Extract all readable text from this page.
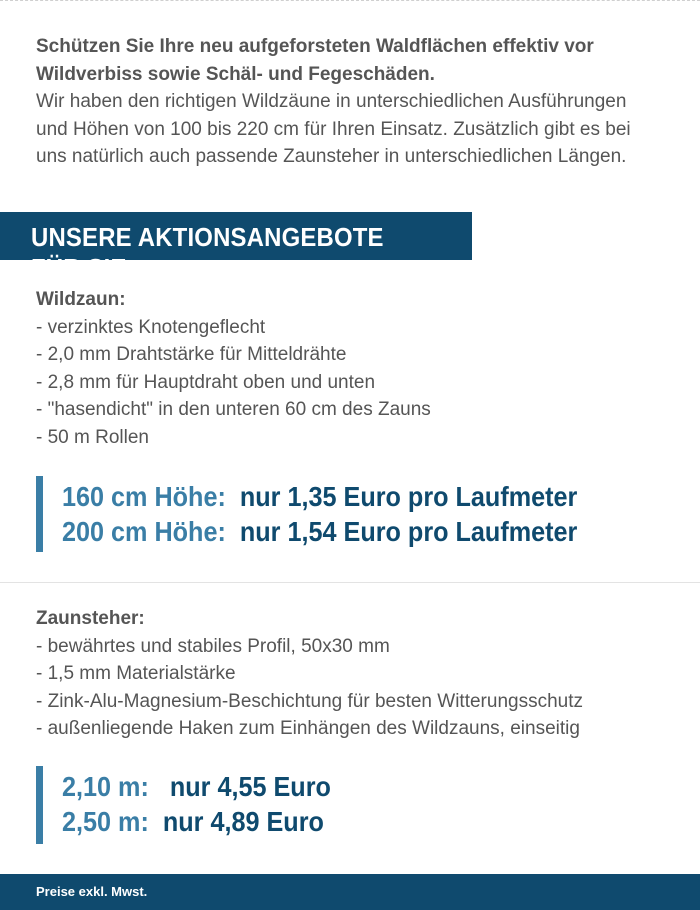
Schützen Sie Ihre neu aufgeforsteten Waldflächen effektiv vor
Wildverbiss sowie Schäl- und Fegeschäden.
Wir haben den richtigen Wildzäune in unterschiedlichen Ausführungen
und Höhen von 100 bis 220 cm für Ihren Einsatz. Zusätzlich gibt es bei
uns natürlich auch passende Zaunsteher in unterschiedlichen Längen.
UNSERE AKTIONSANGEBOTE FÜR SIE:
Wildzaun:
- verzinktes Knotengeflecht
- 2,0 mm Drahtstärke für Mitteldrähte
- 2,8 mm für Hauptdraht oben und unten
- "hasendicht" in den unteren 60 cm des Zauns
- 50 m Rollen
160 cm Höhe: nur 1,35 Euro pro Laufmeter
200 cm Höhe: nur 1,54 Euro pro Laufmeter
Zaunsteher:
- bewährtes und stabiles Profil, 50x30 mm
- 1,5 mm Materialstärke
- Zink-Alu-Magnesium-Beschichtung für besten Witterungsschutz
- außenliegende Haken zum Einhängen des Wildzauns, einseitig
2,10 m: nur 4,55 Euro
2,50 m: nur 4,89 Euro
Preise exkl. Mwst.
